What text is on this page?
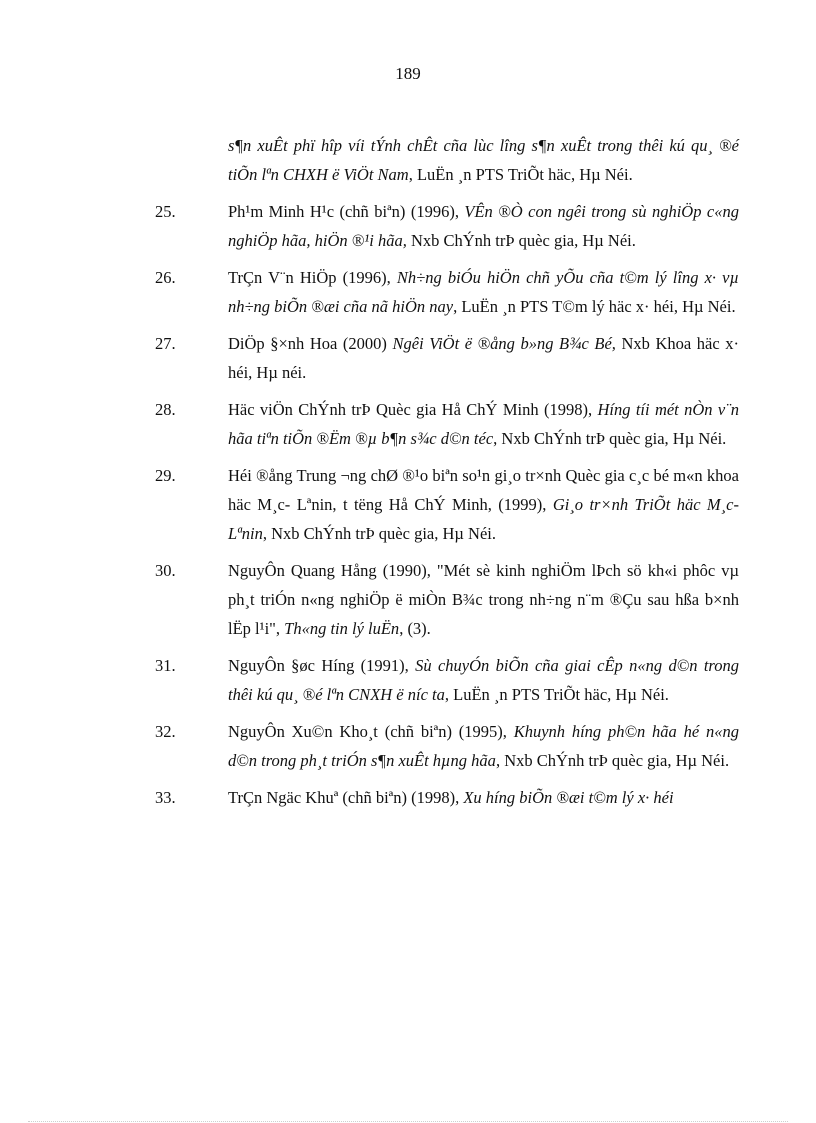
189
s¶n xuÊt phï hîp víi tÝnh chÊt cña lùc lîng s¶n xuÊt trong thêi kú qu¸ ®é tiÕn lªn CHXH ë ViÖt Nam, LuËn ¸n PTS TriÕt häc, Hµ Néi.
25.	Ph¹m Minh H¹c (chñ biªn) (1996), VÊn ®Ò con ngêi trong sù nghiÖp c«ng nghiÖp hãa, hiÖn ®¹i hãa, Nxb ChÝnh trÞ quèc gia, Hµ Néi.
26.	TrÇn V¨n HiÖp (1996), Nh÷ng biÓu hiÖn chñ yÕu cña t©m lý lîng x· vµ nh÷ng biÕn ®æi cña nã hiÖn nay, LuËn ¸n PTS T©m lý häc x· héi, Hµ Néi.
27.	DiÖp §×nh Hoa (2000) Ngêi ViÖt ë ®ång b»ng B¾c Bé, Nxb Khoa häc x· héi, Hµ néi.
28.	Häc viÖn ChÝnh trÞ Quèc gia Hå ChÝ Minh (1998), Híng tíi mét nÒn v¨n hãa tiªn tiÕn ®Ëm ®µ b¶n s¾c d©n téc, Nxb ChÝnh trÞ quèc gia, Hµ Néi.
29.	Héi ®ång Trung ¬ng chØ ®¹o biªn so¹n gi¸o tr×nh Quèc gia c¸c bé m«n khoa häc M¸c- Lªnin, t tëng Hå ChÝ Minh, (1999), Gi¸o tr×nh TriÕt häc M¸c- Lªnin, Nxb ChÝnh trÞ quèc gia, Hµ Néi.
30.	NguyÔn Quang Hång (1990), "Mét sè kinh nghiÖm lÞch sö kh«i phôc vµ ph¸t triÓn n«ng nghiÖp ë miÒn B¾c trong nh÷ng n¨m ®Çu sau hßa b×nh lËp l¹i", Th«ng tin lý luËn, (3).
31.	NguyÔn §øc Híng (1991), Sù chuyÓn biÕn cña giai cÊp n«ng d©n trong thêi kú qu¸ ®é lªn CNXH ë níc ta, LuËn ¸n PTS TriÕt häc, Hµ Néi.
32.	NguyÔn Xu©n Kho¸t (chñ biªn) (1995), Khuynh híng ph©n hãa hé n«ng d©n trong ph¸t triÓn s¶n xuÊt hµng hãa, Nxb ChÝnh trÞ quèc gia, Hµ Néi.
33.	TrÇn Ngäc Khuª (chñ biªn) (1998), Xu híng biÕn ®æi t©m lý x· héi
